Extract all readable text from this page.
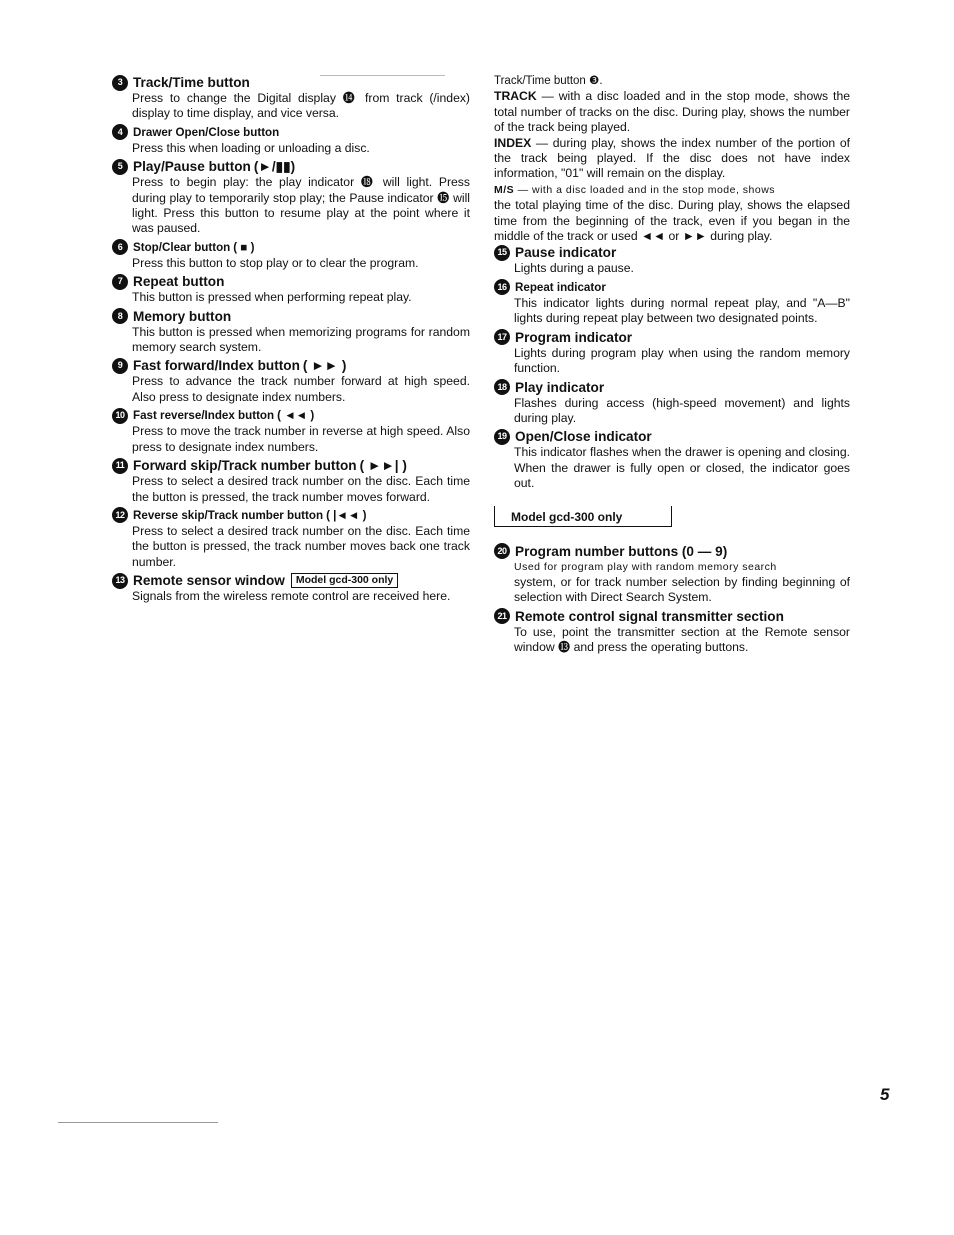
3 Track/Time button
Press to change the Digital display ⓮ from track (/index) display to time display, and vice versa.
4 Drawer Open/Close button
Press this when loading or unloading a disc.
5 Play/Pause button (►/▮▮)
Press to begin play: the play indicator ⓲ will light. Press during play to temporarily stop play; the Pause indicator ⓯ will light. Press this button to resume play at the point where it was paused.
6 Stop/Clear button ( ■ )
Press this button to stop play or to clear the program.
7 Repeat button
This button is pressed when performing repeat play.
8 Memory button
This button is pressed when memorizing programs for random memory search system.
9 Fast forward/Index button ( ►► )
Press to advance the track number forward at high speed. Also press to designate index numbers.
10 Fast reverse/Index button ( ◄◄ )
Press to move the track number in reverse at high speed. Also press to designate index numbers.
11 Forward skip/Track number button ( ►►| )
Press to select a desired track number on the disc. Each time the button is pressed, the track number moves forward.
12 Reverse skip/Track number button ( |◄◄ )
Press to select a desired track number on the disc. Each time the button is pressed, the track number moves back one track number.
13 Remote sensor window	Model gcd-300 only
Signals from the wireless remote control are received here.

Track/Time button ❸.

TRACK — with a disc loaded and in the stop mode, shows the total number of tracks on the disc. During play, shows the number of the track being played.

INDEX — during play, shows the index number of the portion of the track being played. If the disc does not have index information, "01" will remain on the display.

M/S — with a disc loaded and in the stop mode, shows
the total playing time of the disc. During play, shows the elapsed time from the beginning of the track, even if you began in the middle of the track or used ◄◄ or ►► during play.

15 Pause indicator
Lights during a pause.
16 Repeat indicator
This indicator lights during normal repeat play, and "A—B" lights during repeat play between two designated points.
17 Program indicator
Lights during program play when using the random memory function.
18 Play indicator
Flashes during access (high-speed movement) and lights during play.
19 Open/Close indicator
This indicator flashes when the drawer is opening and closing. When the drawer is fully open or closed, the indicator goes out.
Model gcd-300 only
20 Program number buttons (0 — 9)
Used for program play with random memory search
system, or for track number selection by finding beginning of selection with Direct Search System.
21 Remote control signal transmitter section
To use, point the transmitter section at the Remote sensor window ⓭ and press the operating buttons.
5
